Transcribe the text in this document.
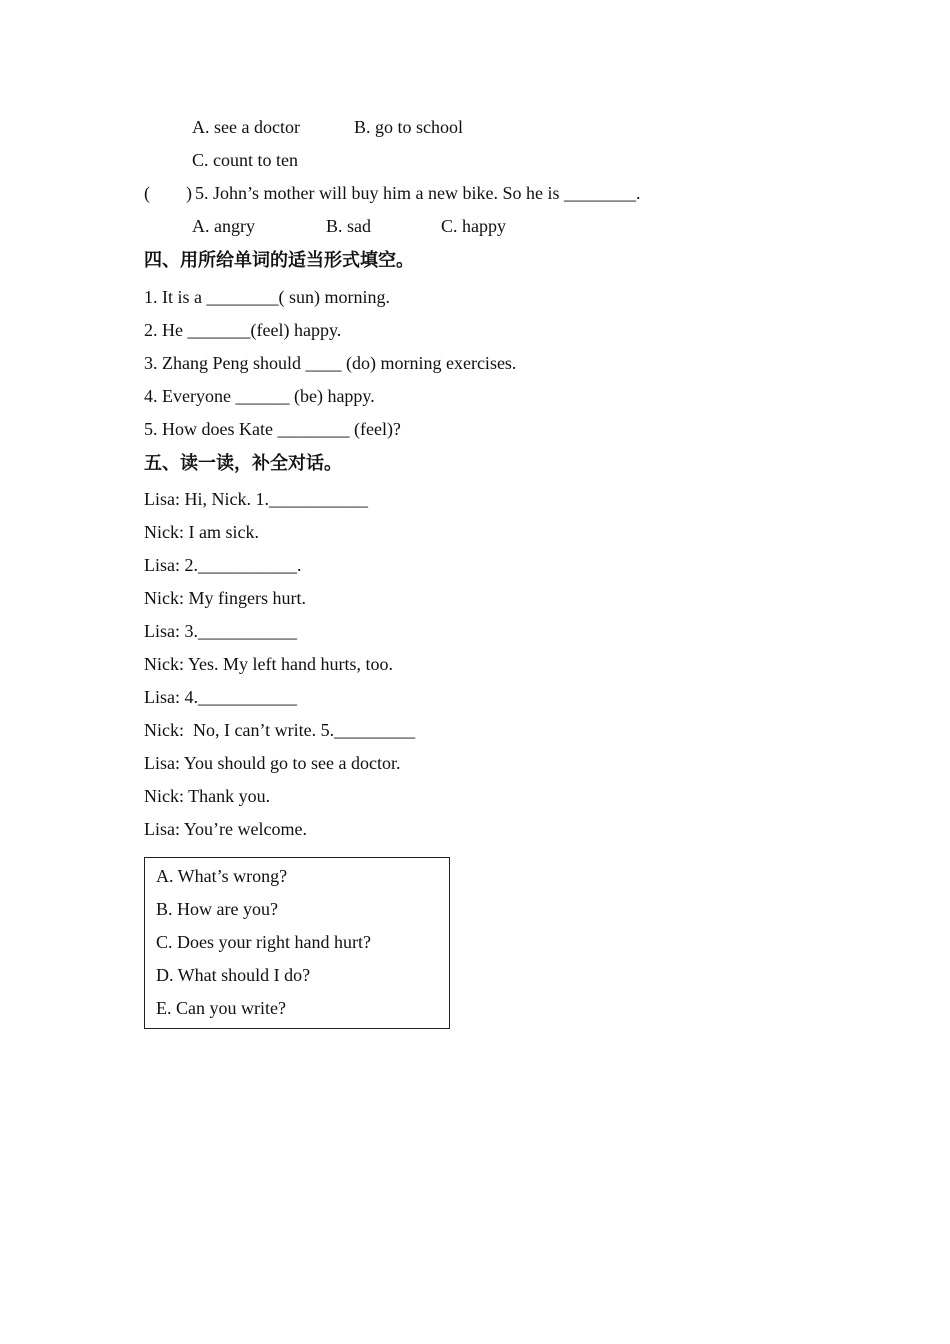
A. see a doctor	B. go to school
C. count to ten
(        ) 5. John’s mother will buy him a new bike. So he is ________.
A. angry	B. sad	C. happy
四、用所给单词的适当形式填空。
1. It is a ________( sun) morning.
2. He _______(feel) happy.
3. Zhang Peng should ____ (do) morning exercises.
4. Everyone ______ (be) happy.
5. How does Kate ________ (feel)?
五、读一读，补全对话。
Lisa: Hi, Nick. 1.___________
Nick: I am sick.
Lisa: 2.___________.
Nick: My fingers hurt.
Lisa: 3.___________
Nick: Yes. My left hand hurts, too.
Lisa: 4.___________
Nick:  No, I can’t write. 5._________
Lisa: You should go to see a doctor.
Nick: Thank you.
Lisa: You’re welcome.
A. What’s wrong?
B. How are you?
C. Does your right hand hurt?
D. What should I do?
E. Can you write?
